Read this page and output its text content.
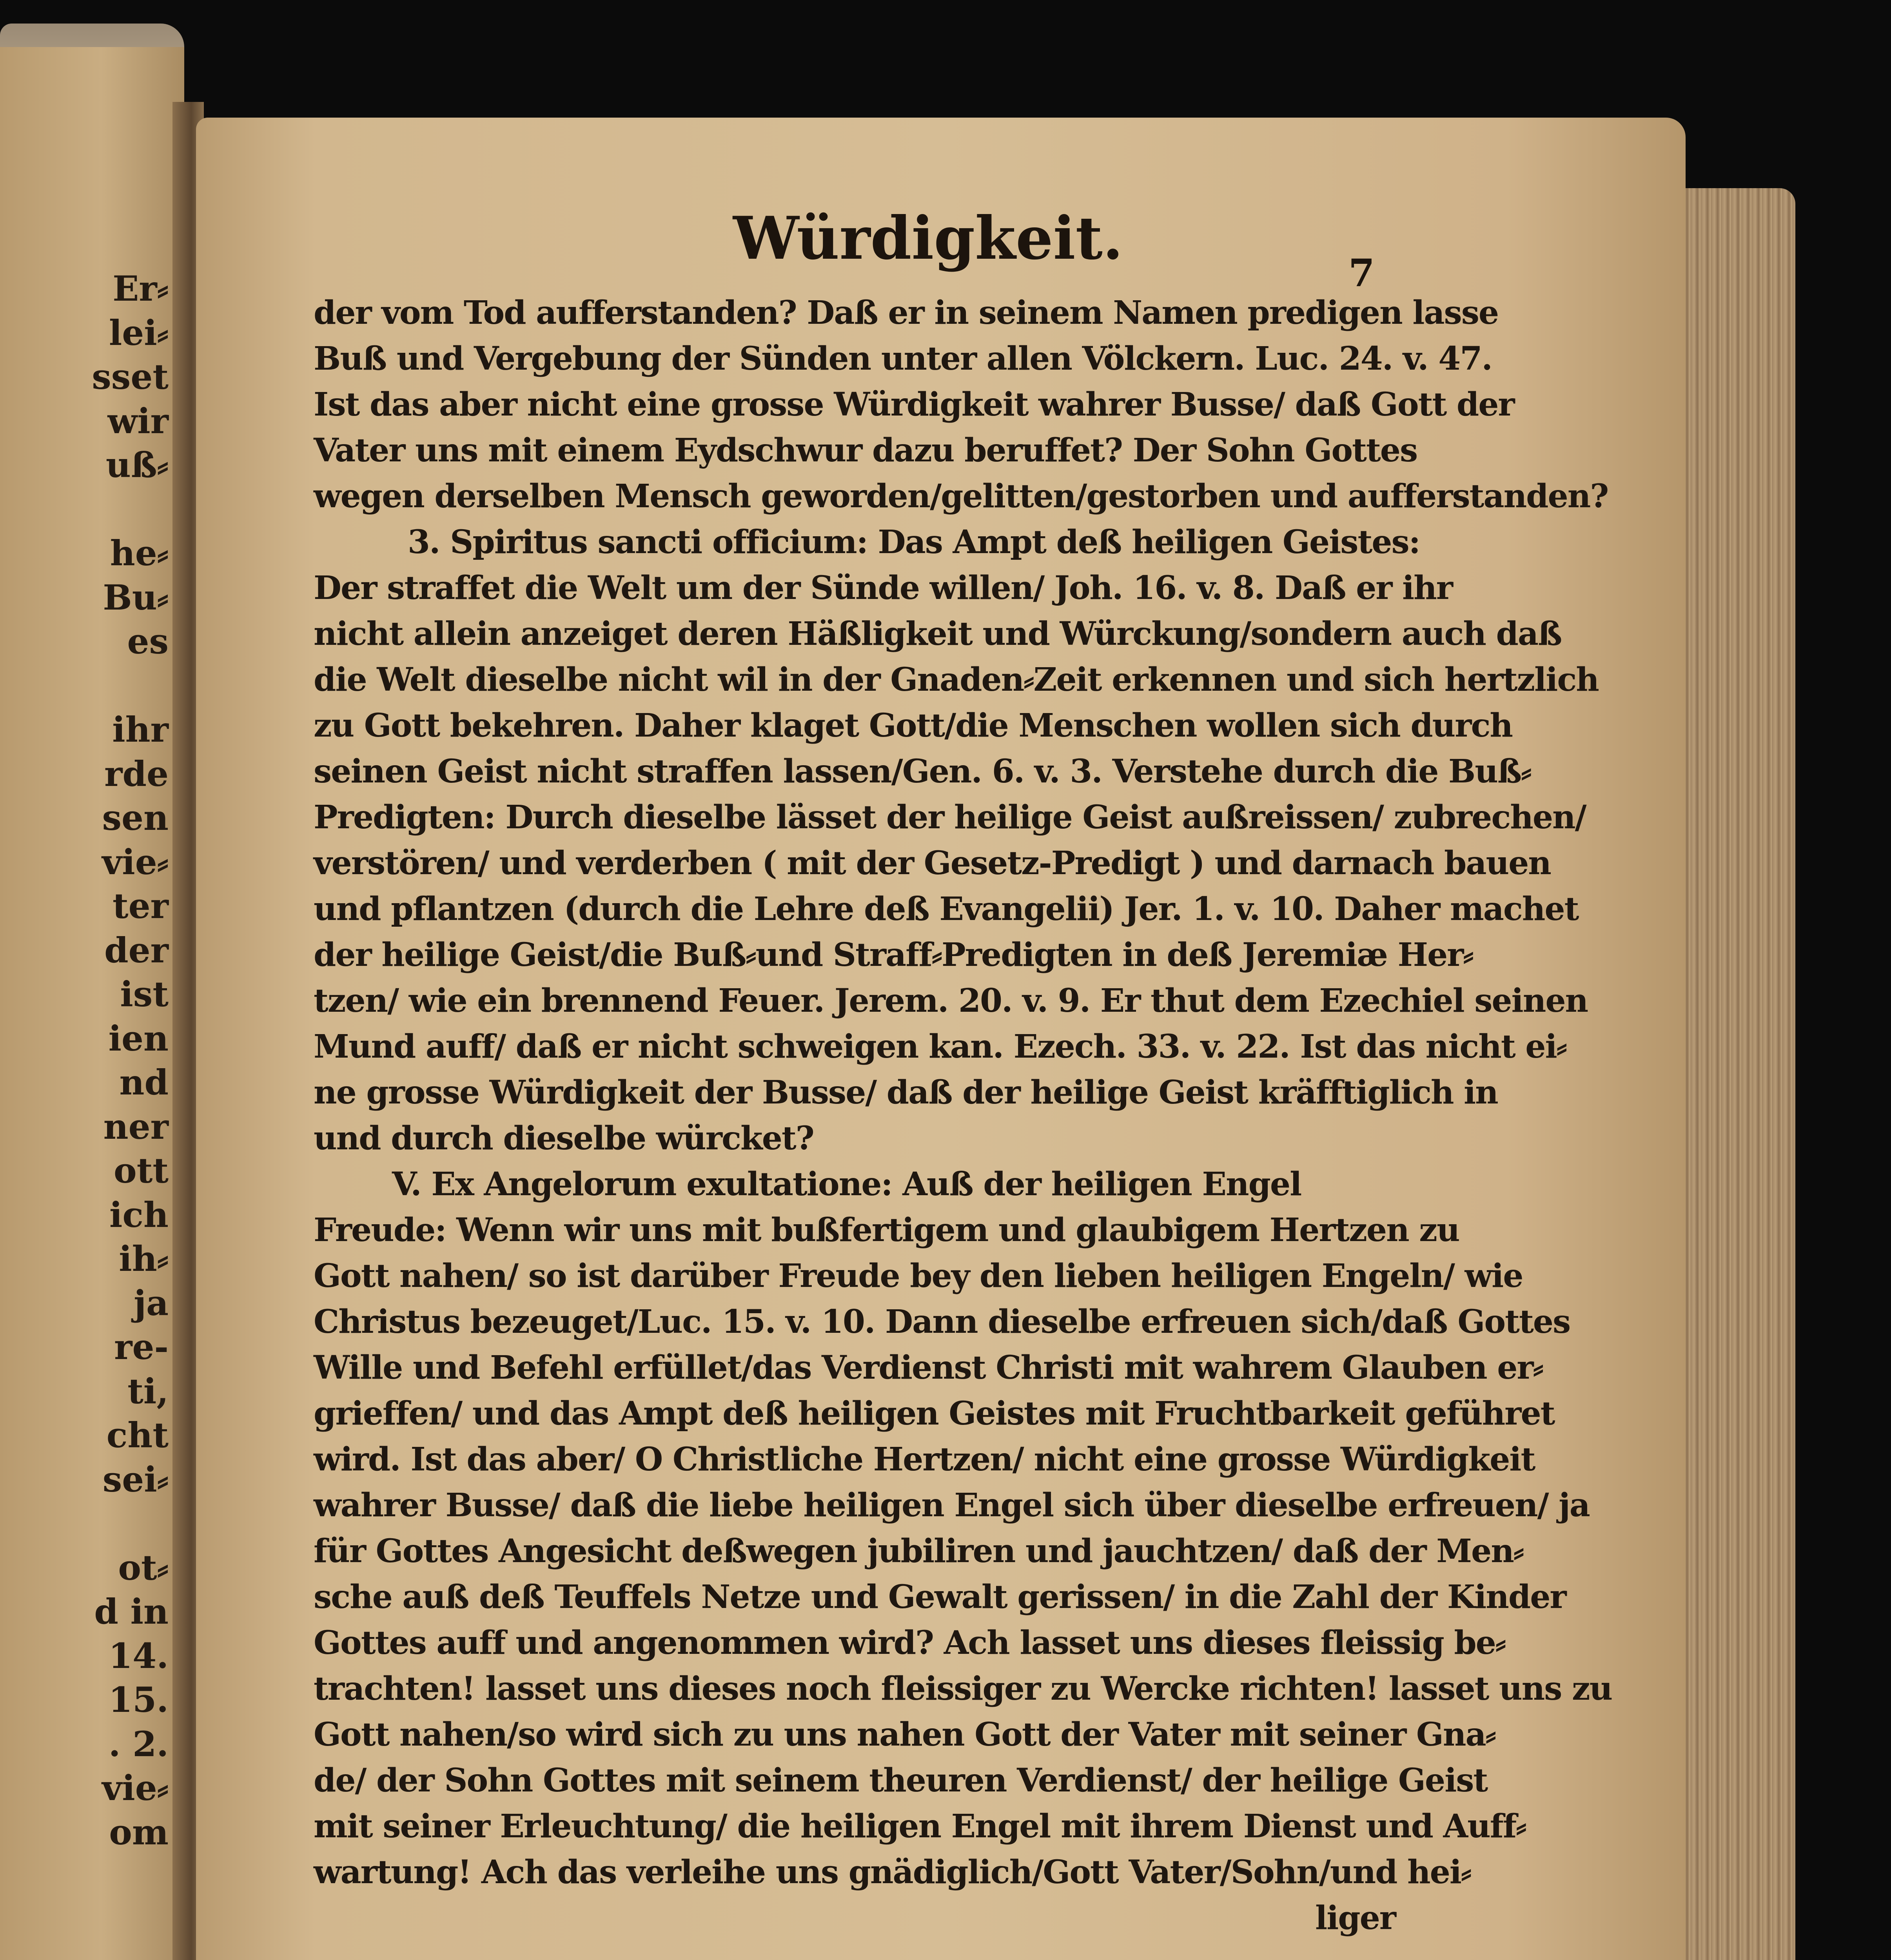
Er⸗
lei⸗
sset
wir
uß⸗

he⸗
Bu⸗
es

ihr
rde
sen
vie⸗
ter
der
ist
ien
nd
ner
ott
ich
ih⸗
ja
re-
ti,
cht
sei⸗

ot⸗
d in
14.
15.
. 2.
vie⸗
om
Würdigkeit.
7
der vom Tod aufferstanden? Daß er in seinem Namen predigen lasse
Buß und Vergebung der Sünden unter allen Völckern. Luc. 24. v. 47.
Ist das aber nicht eine grosse Würdigkeit wahrer Busse/ daß Gott der
Vater uns mit einem Eydschwur dazu beruffet? Der Sohn Gottes
wegen derselben Mensch geworden/gelitten/gestorben und aufferstanden?
3. Spiritus sancti officium: Das Ampt deß heiligen Geistes:
Der straffet die Welt um der Sünde willen/ Joh. 16. v. 8. Daß er ihr
nicht allein anzeiget deren Häßligkeit und Würckung/sondern auch daß
die Welt dieselbe nicht wil in der Gnaden⸗Zeit erkennen und sich hertzlich
zu Gott bekehren. Daher klaget Gott/die Menschen wollen sich durch
seinen Geist nicht straffen lassen/Gen. 6. v. 3. Verstehe durch die Buß⸗
Predigten: Durch dieselbe lässet der heilige Geist außreissen/ zubrechen/
verstören/ und verderben ( mit der Gesetz-Predigt ) und darnach bauen
und pflantzen (durch die Lehre deß Evangelii) Jer. 1. v. 10. Daher machet
der heilige Geist/die Buß⸗und Straff⸗Predigten in deß Jeremiæ Her⸗
tzen/ wie ein brennend Feuer. Jerem. 20. v. 9. Er thut dem Ezechiel seinen
Mund auff/ daß er nicht schweigen kan. Ezech. 33. v. 22. Ist das nicht ei⸗
ne grosse Würdigkeit der Busse/ daß der heilige Geist kräfftiglich in
und durch dieselbe würcket?
V. Ex Angelorum exultatione: Auß der heiligen Engel
Freude: Wenn wir uns mit bußfertigem und glaubigem Hertzen zu
Gott nahen/ so ist darüber Freude bey den lieben heiligen Engeln/ wie
Christus bezeuget/Luc. 15. v. 10. Dann dieselbe erfreuen sich/daß Gottes
Wille und Befehl erfüllet/das Verdienst Christi mit wahrem Glauben er⸗
grieffen/ und das Ampt deß heiligen Geistes mit Fruchtbarkeit geführet
wird. Ist das aber/ O Christliche Hertzen/ nicht eine grosse Würdigkeit
wahrer Busse/ daß die liebe heiligen Engel sich über dieselbe erfreuen/ ja
für Gottes Angesicht deßwegen jubiliren und jauchtzen/ daß der Men⸗
sche auß deß Teuffels Netze und Gewalt gerissen/ in die Zahl der Kinder
Gottes auff und angenommen wird? Ach lasset uns dieses fleissig be⸗
trachten! lasset uns dieses noch fleissiger zu Wercke richten! lasset uns zu
Gott nahen/so wird sich zu uns nahen Gott der Vater mit seiner Gna⸗
de/ der Sohn Gottes mit seinem theuren Verdienst/ der heilige Geist
mit seiner Erleuchtung/ die heiligen Engel mit ihrem Dienst und Auff⸗
wartung! Ach das verleihe uns gnädiglich/Gott Vater/Sohn/und hei⸗
liger
